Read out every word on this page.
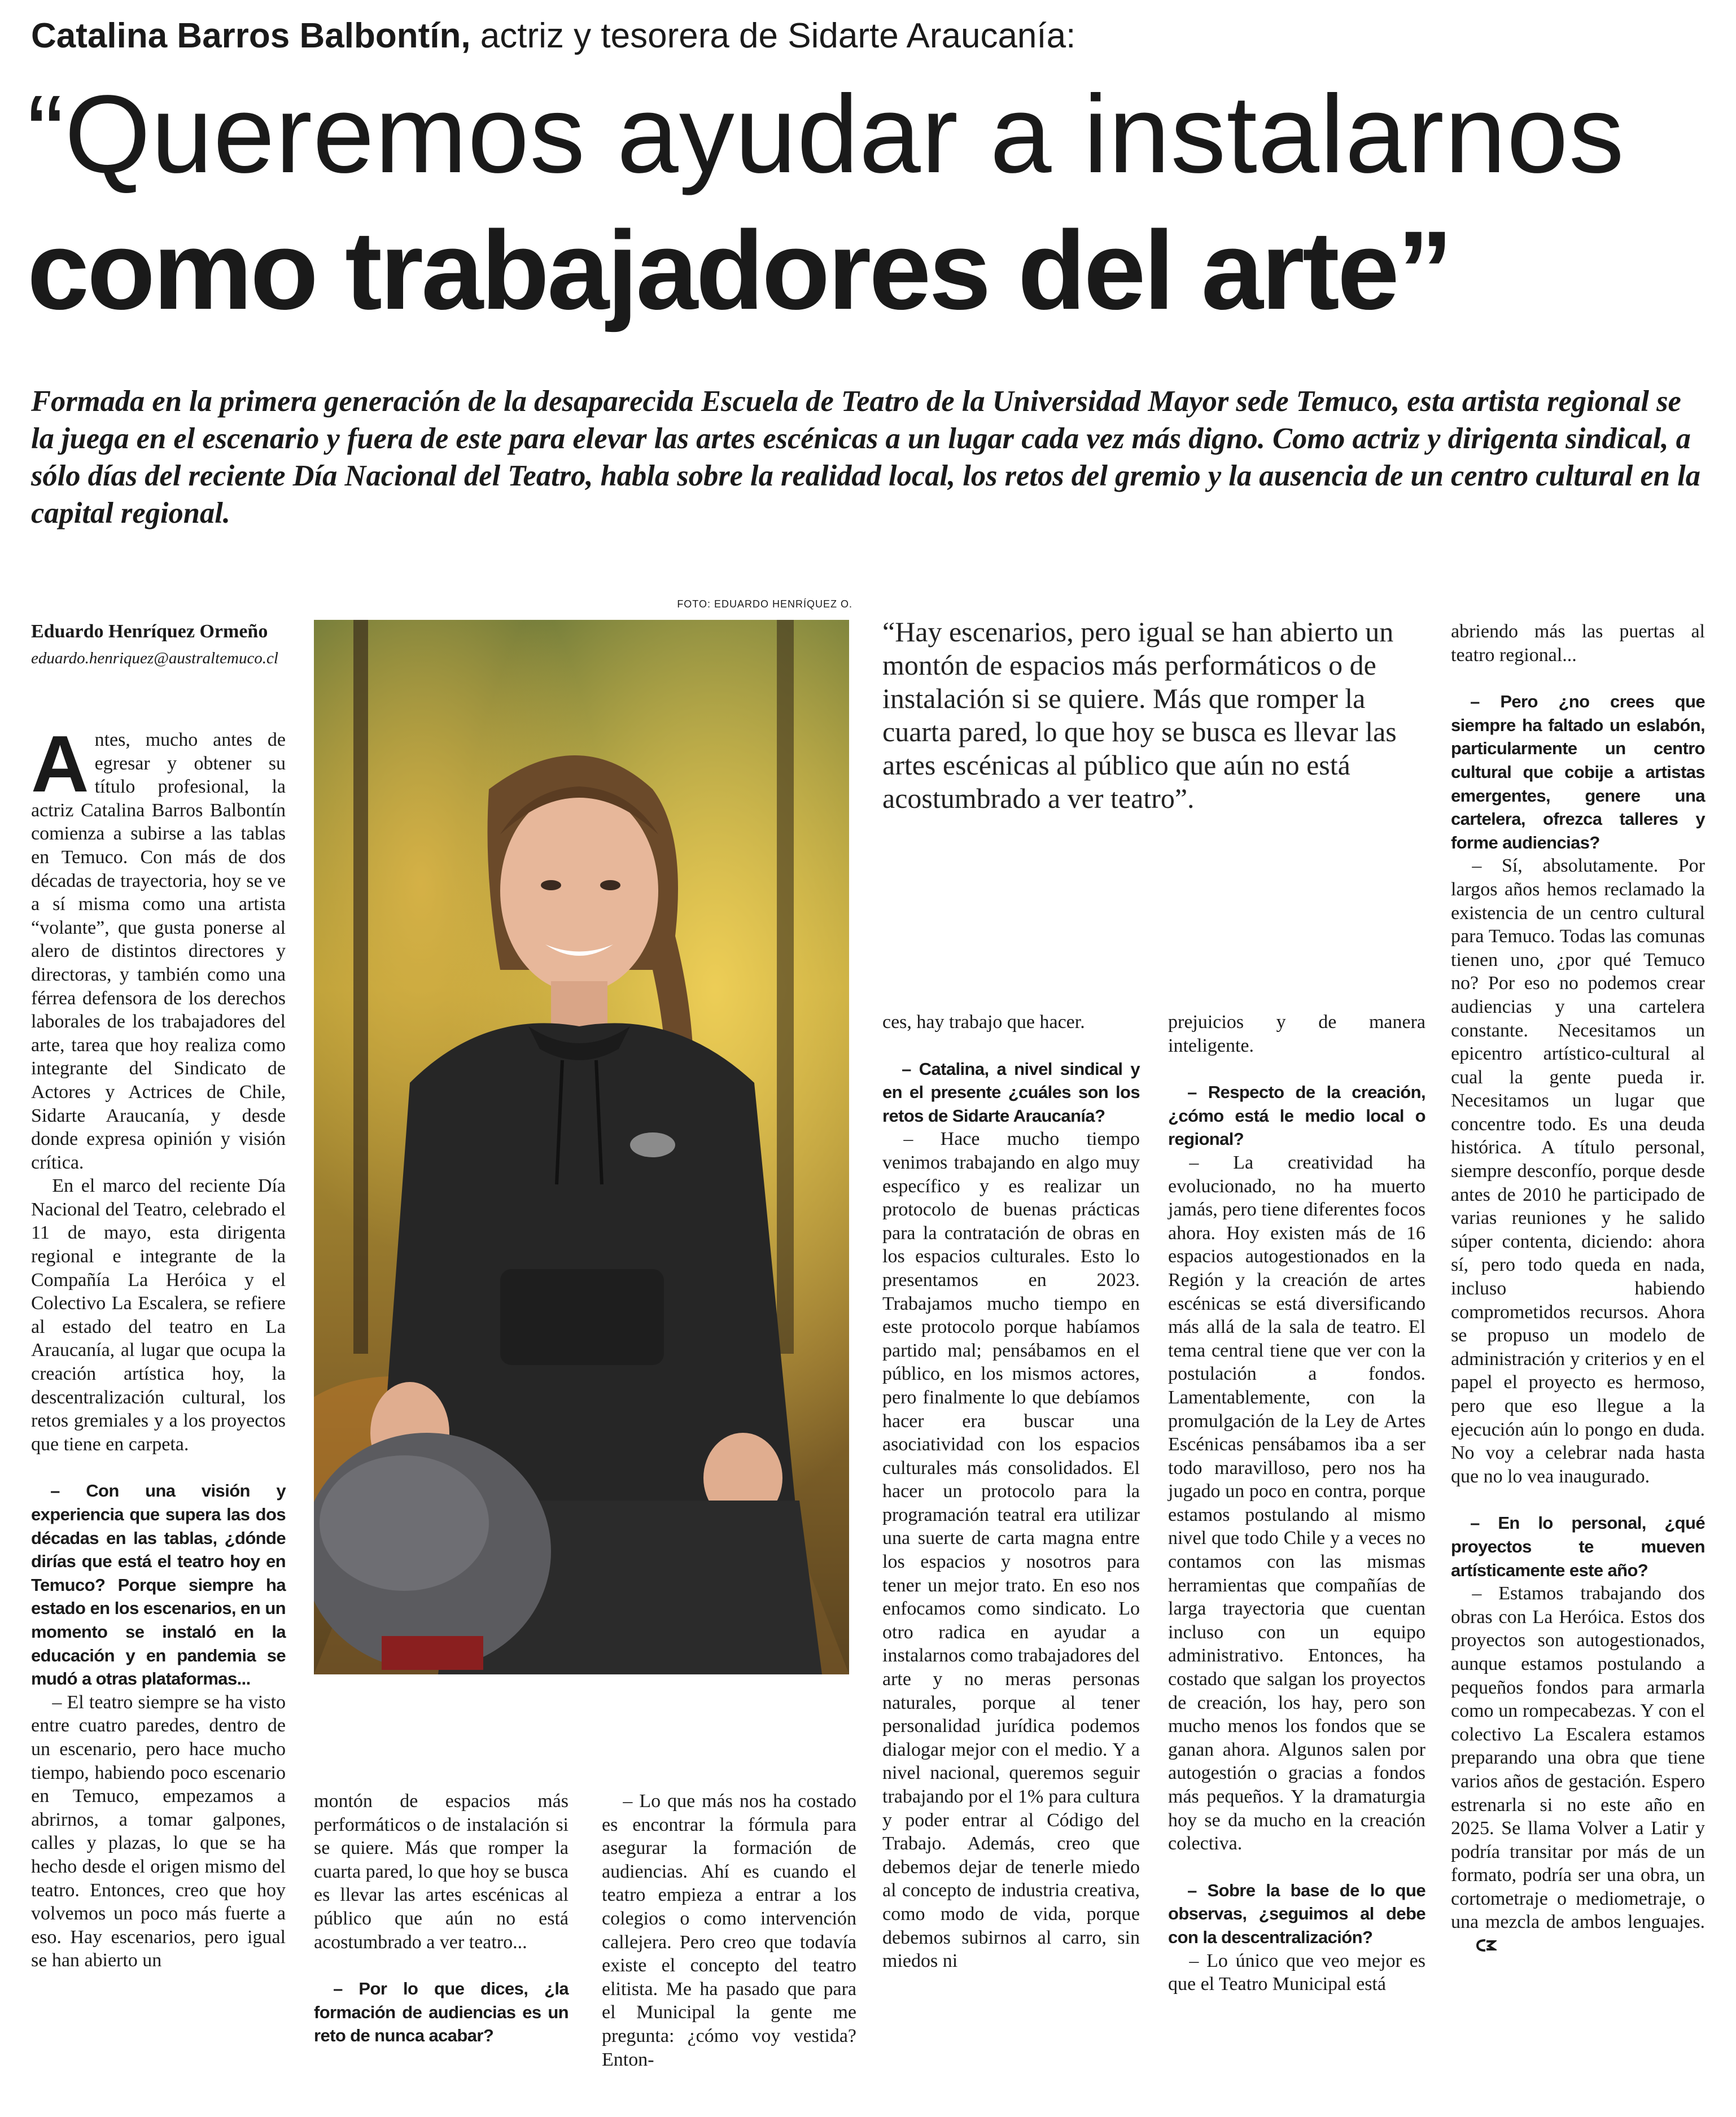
Catalina Barros Balbontín, actriz y tesorera de Sidarte Araucanía:
“Queremos ayudar a instalarnos
como trabajadores del arte”
Formada en la primera generación de la desaparecida Escuela de Teatro de la Universidad Mayor sede Temuco, esta artista regional se la juega en el escenario y fuera de este para elevar las artes escénicas a un lugar cada vez más digno. Como actriz y dirigenta sindical, a sólo días del reciente Día Nacional del Teatro, habla sobre la realidad local, los retos del gremio y la ausencia de un centro cultural en la capital regional.
FOTO: EDUARDO HENRÍQUEZ O.
Eduardo Henríquez Ormeño
eduardo.henriquez@australtemuco.cl

Antes, mucho antes de egresar y obtener su título profesional, la actriz Catalina Barros Balbontín comienza a subirse a las tablas en Temuco. Con más de dos décadas de trayectoria, hoy se ve a sí misma como una artista “volante”, que gusta ponerse al alero de distintos directores y directoras, y también como una férrea defensora de los derechos laborales de los trabajadores del arte, tarea que hoy realiza como integrante del Sindicato de Actores y Actrices de Chile, Sidarte Araucanía, y desde donde expresa opinión y visión crítica.

En el marco del reciente Día Nacional del Teatro, celebrado el 11 de mayo, esta dirigenta regional e integrante de la Compañía La Heróica y el Colectivo La Escalera, se refiere al estado del teatro en La Araucanía, al lugar que ocupa la creación artística hoy, la descentralización cultural, los retos gremiales y a los proyectos que tiene en carpeta.

– Con una visión y experiencia que supera las dos décadas en las tablas, ¿dónde dirías que está el teatro hoy en Temuco? Porque siempre ha estado en los escenarios, en un momento se instaló en la educación y en pandemia se mudó a otras plataformas...

– El teatro siempre se ha visto entre cuatro paredes, dentro de un escenario, pero hace mucho tiempo, habiendo poco escenario en Temuco, empezamos a abrirnos, a tomar galpones, calles y plazas, lo que se ha hecho desde el origen mismo del teatro. Entonces, creo que hoy volvemos un poco más fuerte a eso. Hay escenarios, pero igual se han abierto un

montón de espacios más performáticos o de instalación si se quiere. Más que romper la cuarta pared, lo que hoy se busca es llevar las artes escénicas al público que aún no está acostumbrado a ver teatro...

– Por lo que dices, ¿la formación de audiencias es un reto de nunca acabar?

– Lo que más nos ha costado es encontrar la fórmula para asegurar la formación de audiencias. Ahí es cuando el teatro empieza a entrar a los colegios o como intervención callejera. Pero creo que todavía existe el concepto del teatro elitista. Me ha pasado que para el Municipal la gente me pregunta: ¿cómo voy vestida? Enton-

“Hay escenarios, pero igual se han abierto un montón de espacios más performáticos o de instalación si se quiere. Más que romper la cuarta pared, lo que hoy se busca es llevar las artes escénicas al público que aún no está acostumbrado a ver teatro”.

ces, hay trabajo que hacer.

– Catalina, a nivel sindical y en el presente ¿cuáles son los retos de Sidarte Araucanía?

– Hace mucho tiempo venimos trabajando en algo muy específico y es realizar un protocolo de buenas prácticas para la contratación de obras en los espacios culturales. Esto lo presentamos en 2023. Trabajamos mucho tiempo en este protocolo porque habíamos partido mal; pensábamos en el público, en los mismos actores, pero finalmente lo que debíamos hacer era buscar una asociatividad con los espacios culturales más consolidados. El hacer un protocolo para la programación teatral era utilizar una suerte de carta magna entre los espacios y nosotros para tener un mejor trato. En eso nos enfocamos como sindicato. Lo otro radica en ayudar a instalarnos como trabajadores del arte y no meras personas naturales, porque al tener personalidad jurídica podemos dialogar mejor con el medio. Y a nivel nacional, queremos seguir trabajando por el 1% para cultura y poder entrar al Código del Trabajo. Además, creo que debemos dejar de tenerle miedo al concepto de industria creativa, como modo de vida, porque debemos subirnos al carro, sin miedos ni

prejuicios y de manera inteligente.

– Respecto de la creación, ¿cómo está le medio local o regional?

– La creatividad ha evolucionado, no ha muerto jamás, pero tiene diferentes focos ahora. Hoy existen más de 16 espacios autogestionados en la Región y la creación de artes escénicas se está diversificando más allá de la sala de teatro. El tema central tiene que ver con la postulación a fondos. Lamentablemente, con la promulgación de la Ley de Artes Escénicas pensábamos iba a ser todo maravilloso, pero nos ha jugado un poco en contra, porque estamos postulando al mismo nivel que todo Chile y a veces no contamos con las mismas herramientas que compañías de larga trayectoria que cuentan incluso con un equipo administrativo. Entonces, ha costado que salgan los proyectos de creación, los hay, pero son mucho menos los fondos que se ganan ahora. Algunos salen por autogestión o gracias a fondos más pequeños. Y la dramaturgia hoy se da mucho en la creación colectiva.

– Sobre la base de lo que observas, ¿seguimos al debe con la descentralización?

– Lo único que veo mejor es que el Teatro Municipal está

abriendo más las puertas al teatro regional...

– Pero ¿no crees que siempre ha faltado un eslabón, particularmente un centro cultural que cobije a artistas emergentes, genere una cartelera, ofrezca talleres y forme audiencias?

– Sí, absolutamente. Por largos años hemos reclamado la existencia de un centro cultural para Temuco. Todas las comunas tienen uno, ¿por qué Temuco no? Por eso no podemos crear audiencias y una cartelera constante. Necesitamos un epicentro artístico-cultural al cual la gente pueda ir. Necesitamos un lugar que concentre todo. Es una deuda histórica. A título personal, siempre desconfío, porque desde antes de 2010 he participado de varias reuniones y he salido súper contenta, diciendo: ahora sí, pero todo queda en nada, incluso habiendo comprometidos recursos. Ahora se propuso un modelo de administración y criterios y en el papel el proyecto es hermoso, pero que eso llegue a la ejecución aún lo pongo en duda. No voy a celebrar nada hasta que no lo vea inaugurado.

– En lo personal, ¿qué proyectos te mueven artísticamente este año?

– Estamos trabajando dos obras con La Heróica. Estos dos proyectos son autogestionados, aunque estamos postulando a pequeños fondos para armarla como un rompecabezas. Y con el colectivo La Escalera estamos preparando una obra que tiene varios años de gestación. Espero estrenarla si no este año en 2025. Se llama Volver a Latir y podría transitar por más de un formato, podría ser una obra, un cortometraje o mediometraje, o una mezcla de ambos lenguajes.
